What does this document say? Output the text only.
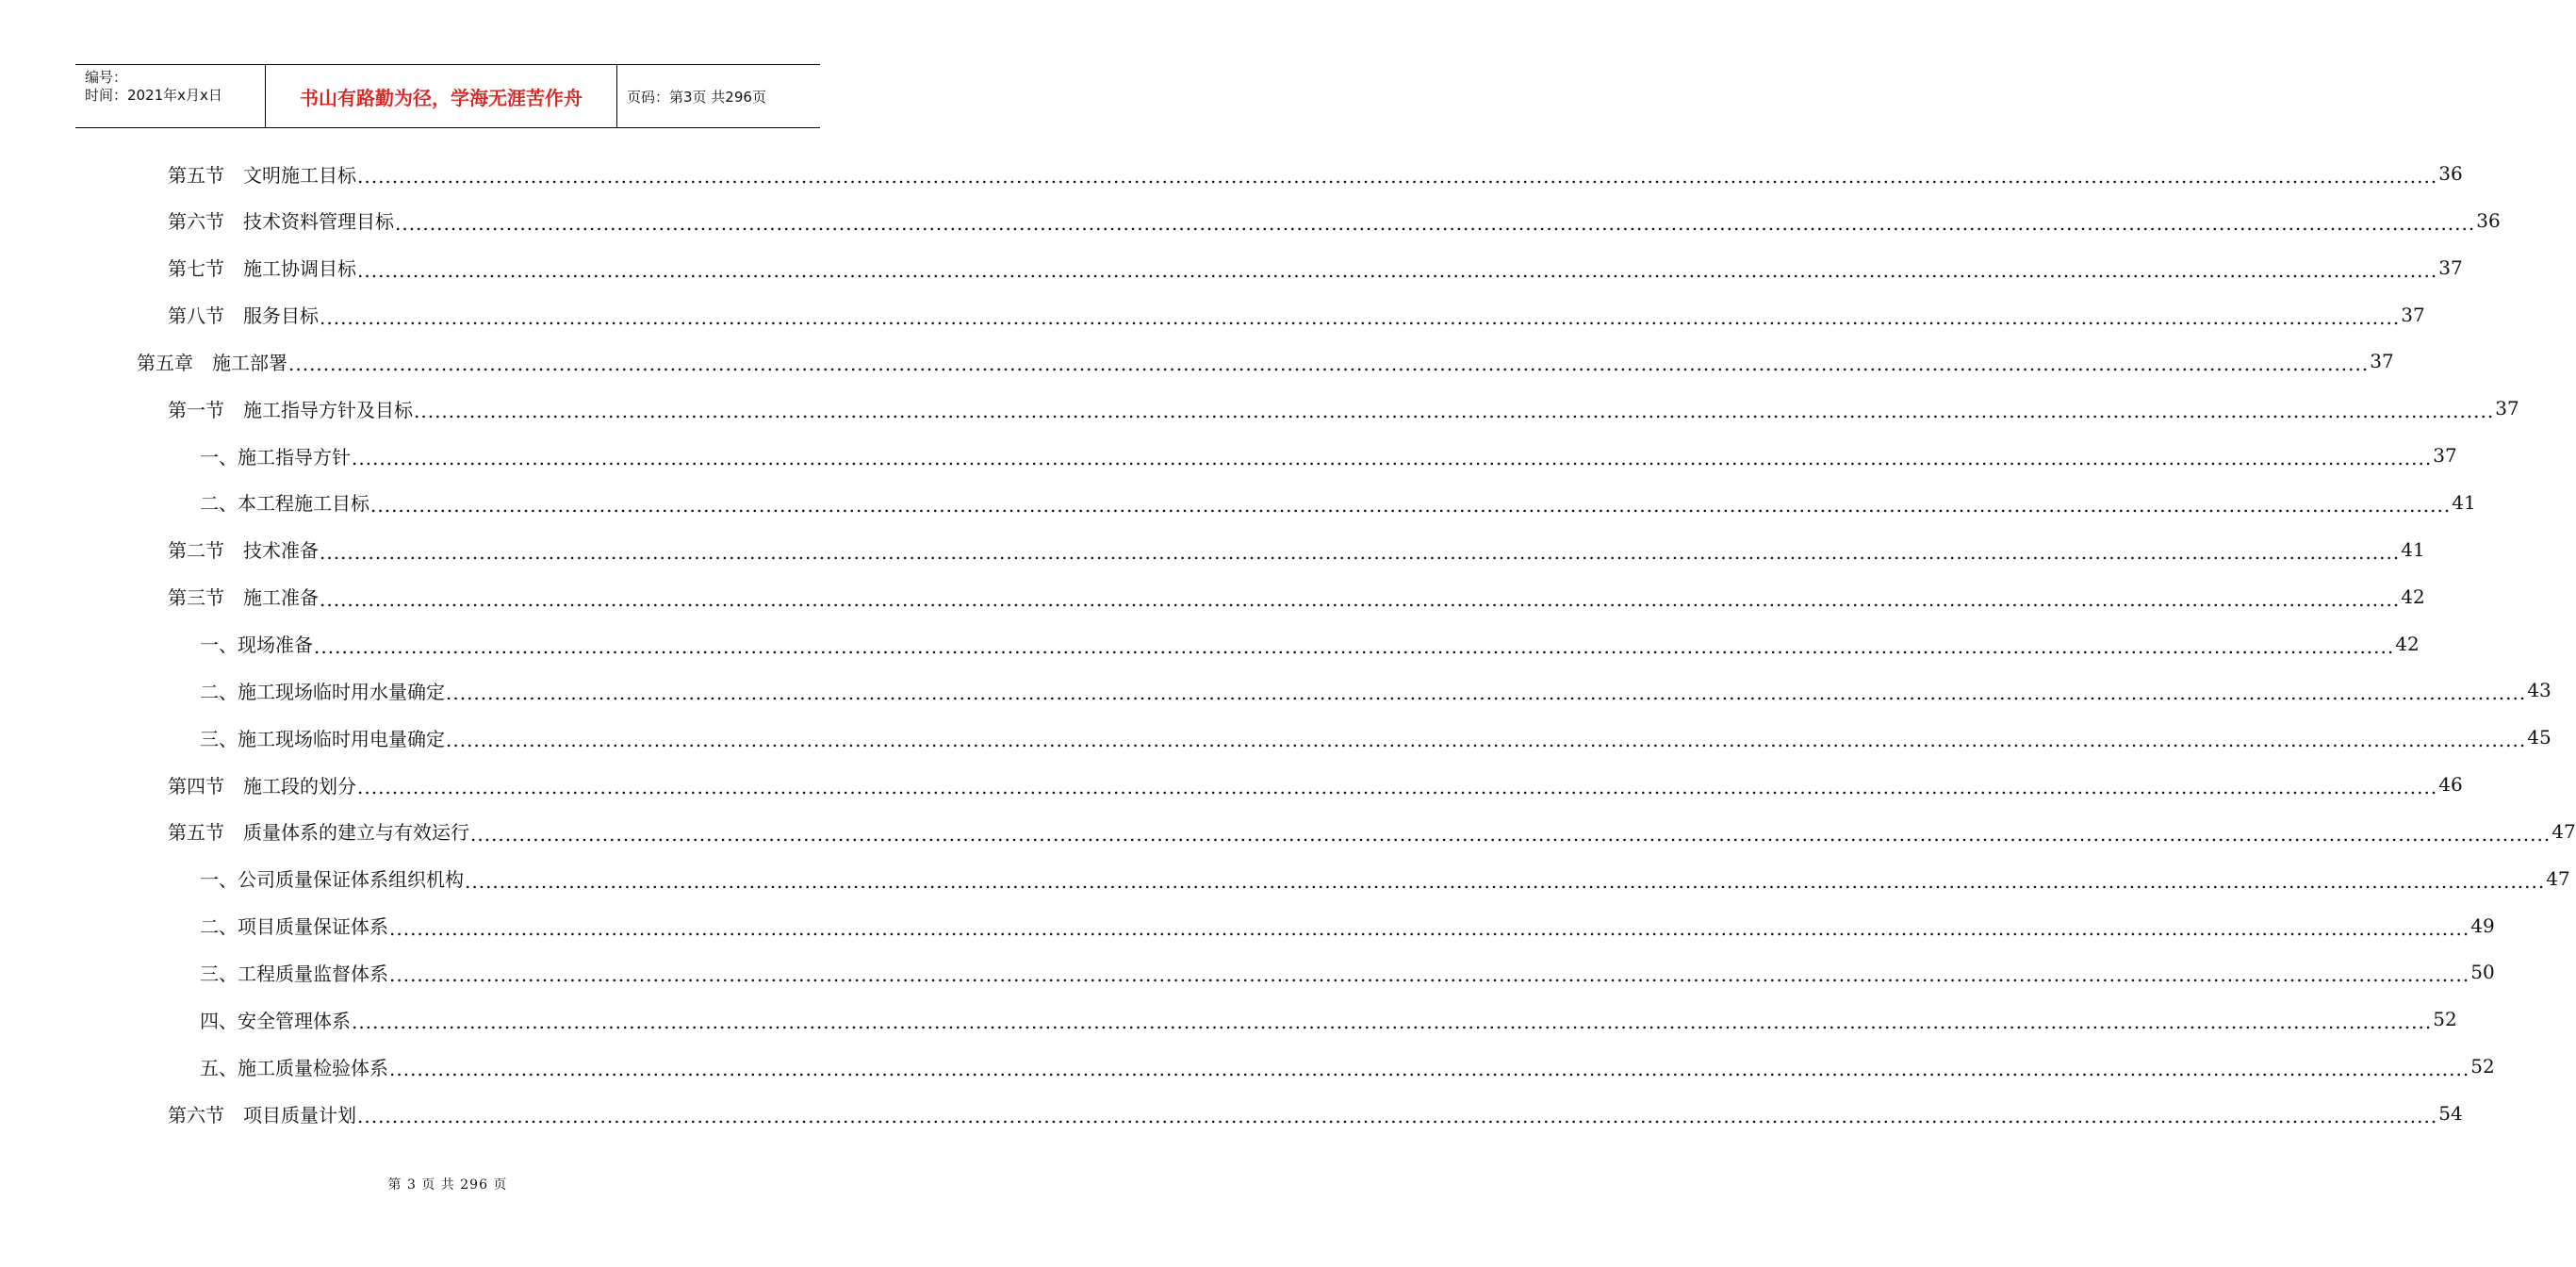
编号：
时间：2021年x月x日	书山有路勤为径，学海无涯苦作舟	页码：第3页 共296页
第五节　文明施工目标 ............................................................................................................................................................................................................................................................................................................ 36
第六节　技术资料管理目标 ............................................................................................................................................................................................................................................................................................................ 36
第七节　施工协调目标 ............................................................................................................................................................................................................................................................................................................ 37
第八节　服务目标 ............................................................................................................................................................................................................................................................................................................ 37
第五章　施工部署 ............................................................................................................................................................................................................................................................................................................ 37
第一节　施工指导方针及目标 ............................................................................................................................................................................................................................................................................................................ 37
一、施工指导方针 ............................................................................................................................................................................................................................................................................................................ 37
二、本工程施工目标 ............................................................................................................................................................................................................................................................................................................ 41
第二节　技术准备 ............................................................................................................................................................................................................................................................................................................ 41
第三节　施工准备 ............................................................................................................................................................................................................................................................................................................ 42
一、现场准备 ............................................................................................................................................................................................................................................................................................................ 42
二、施工现场临时用水量确定 ............................................................................................................................................................................................................................................................................................................ 43
三、施工现场临时用电量确定 ............................................................................................................................................................................................................................................................................................................ 45
第四节　施工段的划分 ............................................................................................................................................................................................................................................................................................................ 46
第五节　质量体系的建立与有效运行 ............................................................................................................................................................................................................................................................................................................ 47
一、公司质量保证体系组织机构 ............................................................................................................................................................................................................................................................................................................ 47
二、项目质量保证体系 ............................................................................................................................................................................................................................................................................................................ 49
三、工程质量监督体系 ............................................................................................................................................................................................................................................................................................................ 50
四、安全管理体系 ............................................................................................................................................................................................................................................................................................................ 52
五、施工质量检验体系 ............................................................................................................................................................................................................................................................................................................ 52
第六节　项目质量计划 ............................................................................................................................................................................................................................................................................................................ 54
第 3 页 共 296 页
